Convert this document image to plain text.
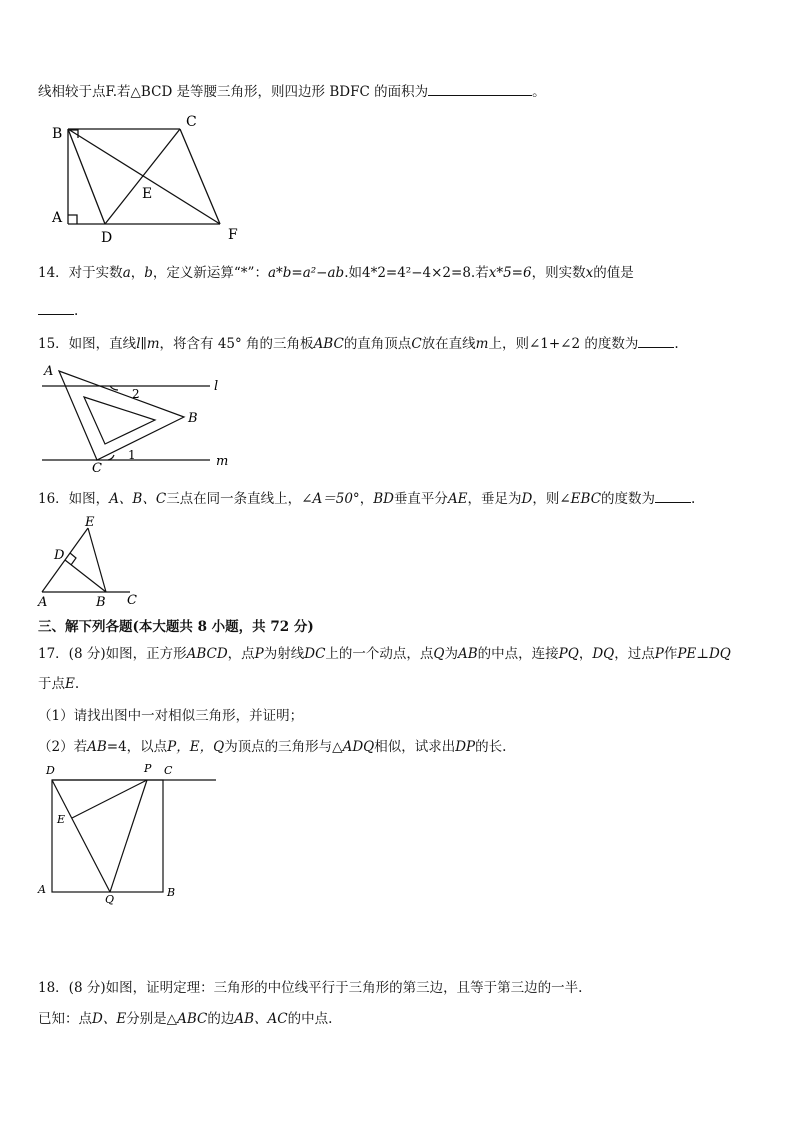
线相较于点F.若△BCD 是等腰三角形，则四边形 BDFC 的面积为	。
B
C
E
A
D	F
14．对于实数a，b，定义新运算“*”：a*b=a²−ab.如4*2=4²−4×2=8.若x*5=6，则实数x的值是
.
15．如图，直线l∥m，将含有 45° 角的三角板ABC的直角顶点C放在直线m上，则∠1+∠2 的度数为	.
A
2	l
B
C
1	m
16．如图，A、B、C三点在同一条直线上，∠A＝50°，BD垂直平分AE，垂足为D，则∠EBC的度数为	.
E
D
A	B C
三、解下列各题(本大题共 8 小题，共 72 分)
17．(8 分)如图，正方形ABCD，点P为射线DC上的一个动点，点Q为AB的中点，连接PQ，DQ，过点P作PE⊥DQ
于点E.
（1）请找出图中一对相似三角形，并证明；
（2）若AB=4，以点P，E，Q为顶点的三角形与△ADQ相似，试求出DP的长.
D	P C
E
A
Q
B
18．(8 分)如图，证明定理：三角形的中位线平行于三角形的第三边，且等于第三边的一半.
已知：点D、E分别是△ABC的边AB、AC的中点.
